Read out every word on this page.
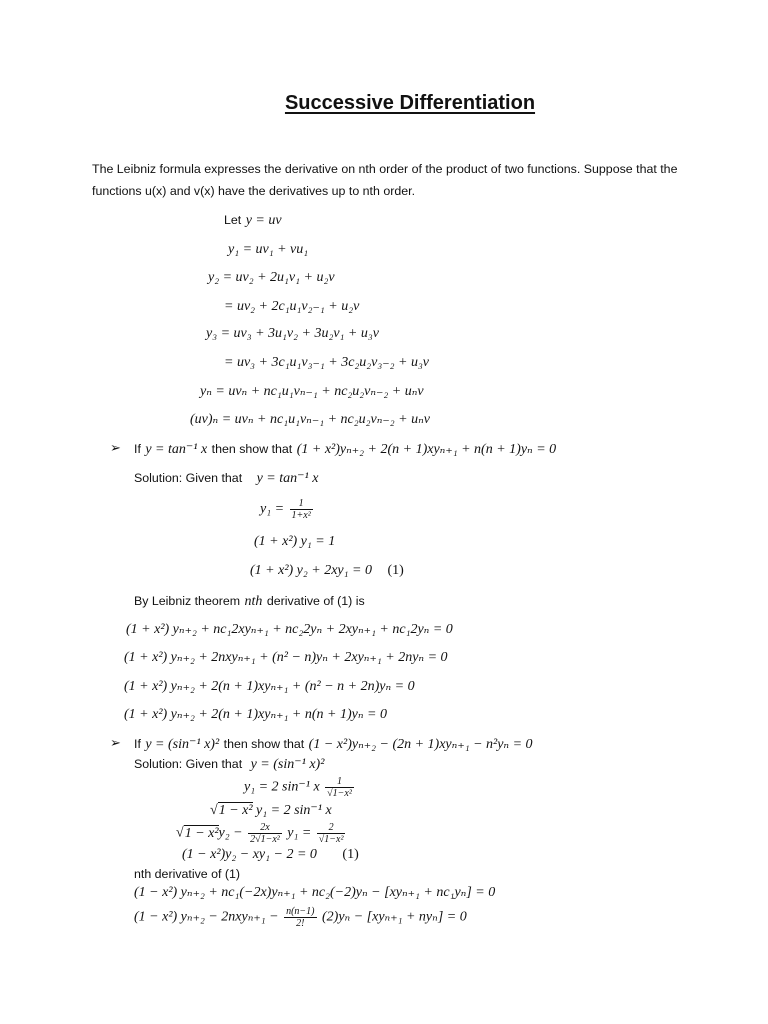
Successive Differentiation
The Leibniz formula expresses the derivative on nth order of the product of two functions. Suppose that the functions u(x) and v(x) have the derivatives up to nth order.
Let y = uv
y₁ = uv₁ + vu₁
y₂ = uv₂ + 2u₁v₁ + u₂v
= uv₂ + 2c₁u₁v₂₋₁ + u₂v
y₃ = uv₃ + 3u₁v₂ + 3u₂v₁ + u₃v
= uv₃ + 3c₁u₁v₃₋₁ + 3c₂u₂v₃₋₂ + u₃v
yₙ = uvₙ + nc₁u₁vₙ₋₁ + nc₂u₂vₙ₋₂ + uₙv
(uv)ₙ = uvₙ + nc₁u₁vₙ₋₁ + nc₂u₂vₙ₋₂ + uₙv
➢ If y = tan⁻¹ x then show that (1 + x²)yₙ₊₂ + 2(n + 1)xyₙ₊₁ + n(n + 1)yₙ = 0
Solution: Given that y = tan⁻¹ x
$y_1 = \frac{1}{\text{1+x²}}$
(1 + x²) y₁ = 1
(1 + x²) y₂ + 2xy₁ = 0 (1)
By Leibniz theorem nth derivative of (1) is
(1 + x²) yₙ₊₂ + nc₁2xyₙ₊₁ + nc₂2yₙ + 2xyₙ₊₁ + nc₁2yₙ = 0
(1 + x²) yₙ₊₂ + 2nxyₙ₊₁ + (n² − n)yₙ + 2xyₙ₊₁ + 2nyₙ = 0
(1 + x²) yₙ₊₂ + 2(n + 1)xyₙ₊₁ + (n² − n + 2n)yₙ = 0
(1 + x²) yₙ₊₂ + 2(n + 1)xyₙ₊₁ + n(n + 1)yₙ = 0
➢ If y = (sin⁻¹ x)² then show that (1 − x²)yₙ₊₂ − (2n + 1)xyₙ₊₁ − n²yₙ = 0
Solution: Given that y = (sin⁻¹ x)²
y₁ = 2 sin⁻¹ x $\frac{1}{\text{√1−x²}}$
√1 − x² y₁ = 2 sin⁻¹ x
$√1 - x^2y_2 - \frac{2x}{\text{2√1−x²}} y_1 = \frac{2}{\text{√1−x²}}$
(1 − x²)y₂ − xy₁ − 2 = 0 (1)
nth derivative of (1)
(1 − x²) yₙ₊₂ + nc₁(−2x)yₙ₊₁ + nc₂(−2)yₙ − [xyₙ₊₁ + nc₁yₙ] = 0
(1 − x²) $y_{n+2} - 2nxy_{n+1} - \frac{n(n-1)}{2!} (2)y_n - [xy_{n+1} + ny_n] = 0$
